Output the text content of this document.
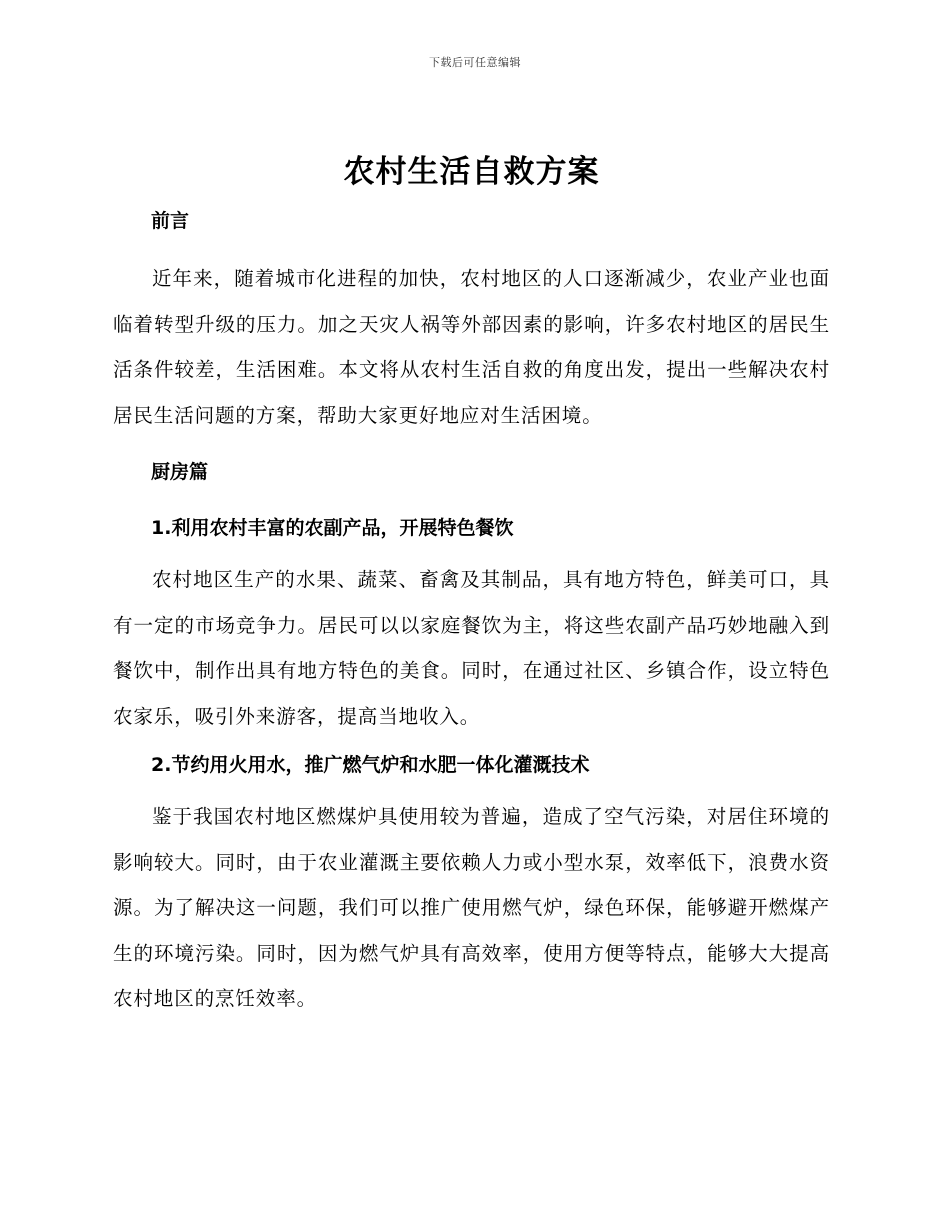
下载后可任意编辑
农村生活自救方案
前言

近年来，随着城市化进程的加快，农村地区的人口逐渐减少，农业产业也面临着转型升级的压力。加之天灾人祸等外部因素的影响，许多农村地区的居民生活条件较差，生活困难。本文将从农村生活自救的角度出发，提出一些解决农村居民生活问题的方案，帮助大家更好地应对生活困境。

厨房篇
1.利用农村丰富的农副产品，开展特色餐饮

农村地区生产的水果、蔬菜、畜禽及其制品，具有地方特色，鲜美可口，具有一定的市场竞争力。居民可以以家庭餐饮为主，将这些农副产品巧妙地融入到餐饮中，制作出具有地方特色的美食。同时，在通过社区、乡镇合作，设立特色农家乐，吸引外来游客，提高当地收入。

2.节约用火用水，推广燃气炉和水肥一体化灌溉技术

鉴于我国农村地区燃煤炉具使用较为普遍，造成了空气污染，对居住环境的影响较大。同时，由于农业灌溉主要依赖人力或小型水泵，效率低下，浪费水资源。为了解决这一问题，我们可以推广使用燃气炉，绿色环保，能够避开燃煤产生的环境污染。同时，因为燃气炉具有高效率，使用方便等特点，能够大大提高农村地区的烹饪效率。
